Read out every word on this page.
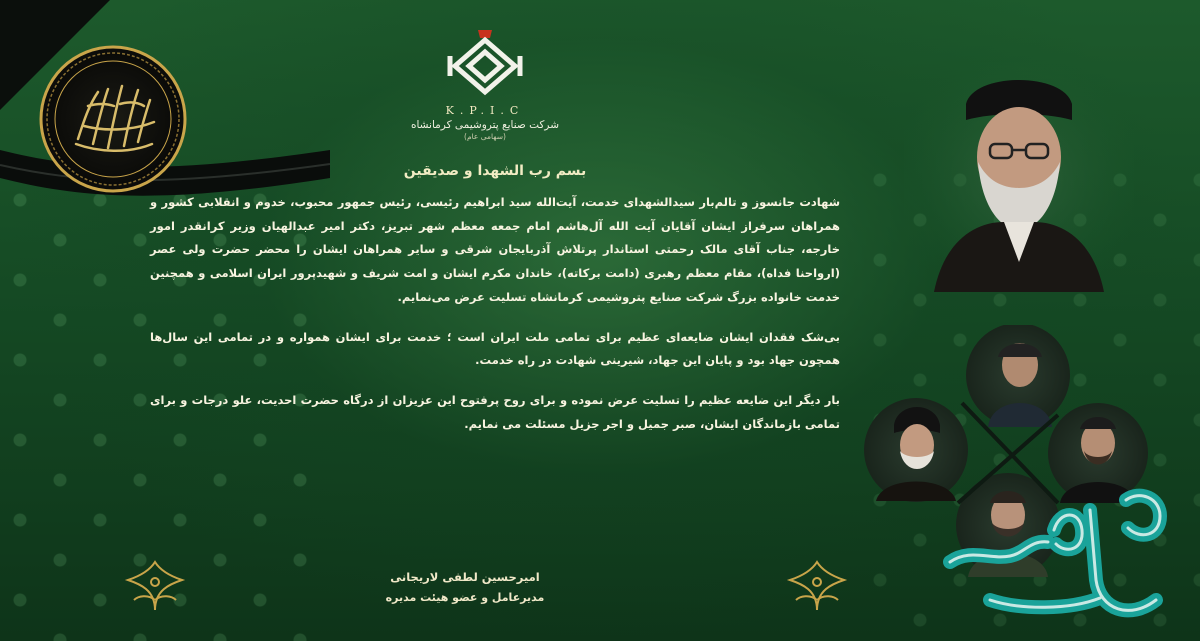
K.P.I.C
شرکت صنایع پتروشیمی کرمانشاه
(سهامی عام)
بسم رب الشهدا و صدیقین
شهادت جانسوز و تالم‌بار سیدالشهدای خدمت، آیت‌الله سید ابراهیم رئیسی، رئیس جمهور محبوب، خدوم و انقلابی کشور و همراهان سرفراز ایشان آقایان آیت الله آل‌هاشم امام جمعه معظم شهر تبریز، دکتر امیر عبدالهیان وزیر کرانقدر امور خارجه، جناب آقای مالک رحمتی استاندار پرتلاش آذربایجان شرقی و سایر همراهان ایشان را محضر حضرت ولی عصر (ارواحنا فداه)، مقام معظم رهبری (دامت برکاته)، خاندان مکرم ایشان و امت شریف و شهیدپرور ایران اسلامی و همچنین خدمت خانواده بزرگ شرکت صنایع پتروشیمی کرمانشاه تسلیت عرض می‌نمایم.
بی‌شک فقدان ایشان ضایعه‌ای عظیم برای تمامی ملت ایران است ؛ خدمت برای ایشان همواره و در تمامی این سال‌ها همچون جهاد بود و پایان این جهاد، شیرینی شهادت در راه خدمت.
بار دیگر این ضایعه عظیم را تسلیت عرض نموده و برای روح پرفتوح این عزیزان از درگاه حضرت احدیت، علو درجات و برای تمامی بازماندگان ایشان، صبر جمیل و اجر جزیل مسئلت می نمایم.
امیرحسین لطفی لاریجانی
مدیرعامل و عضو هیئت مدیره
